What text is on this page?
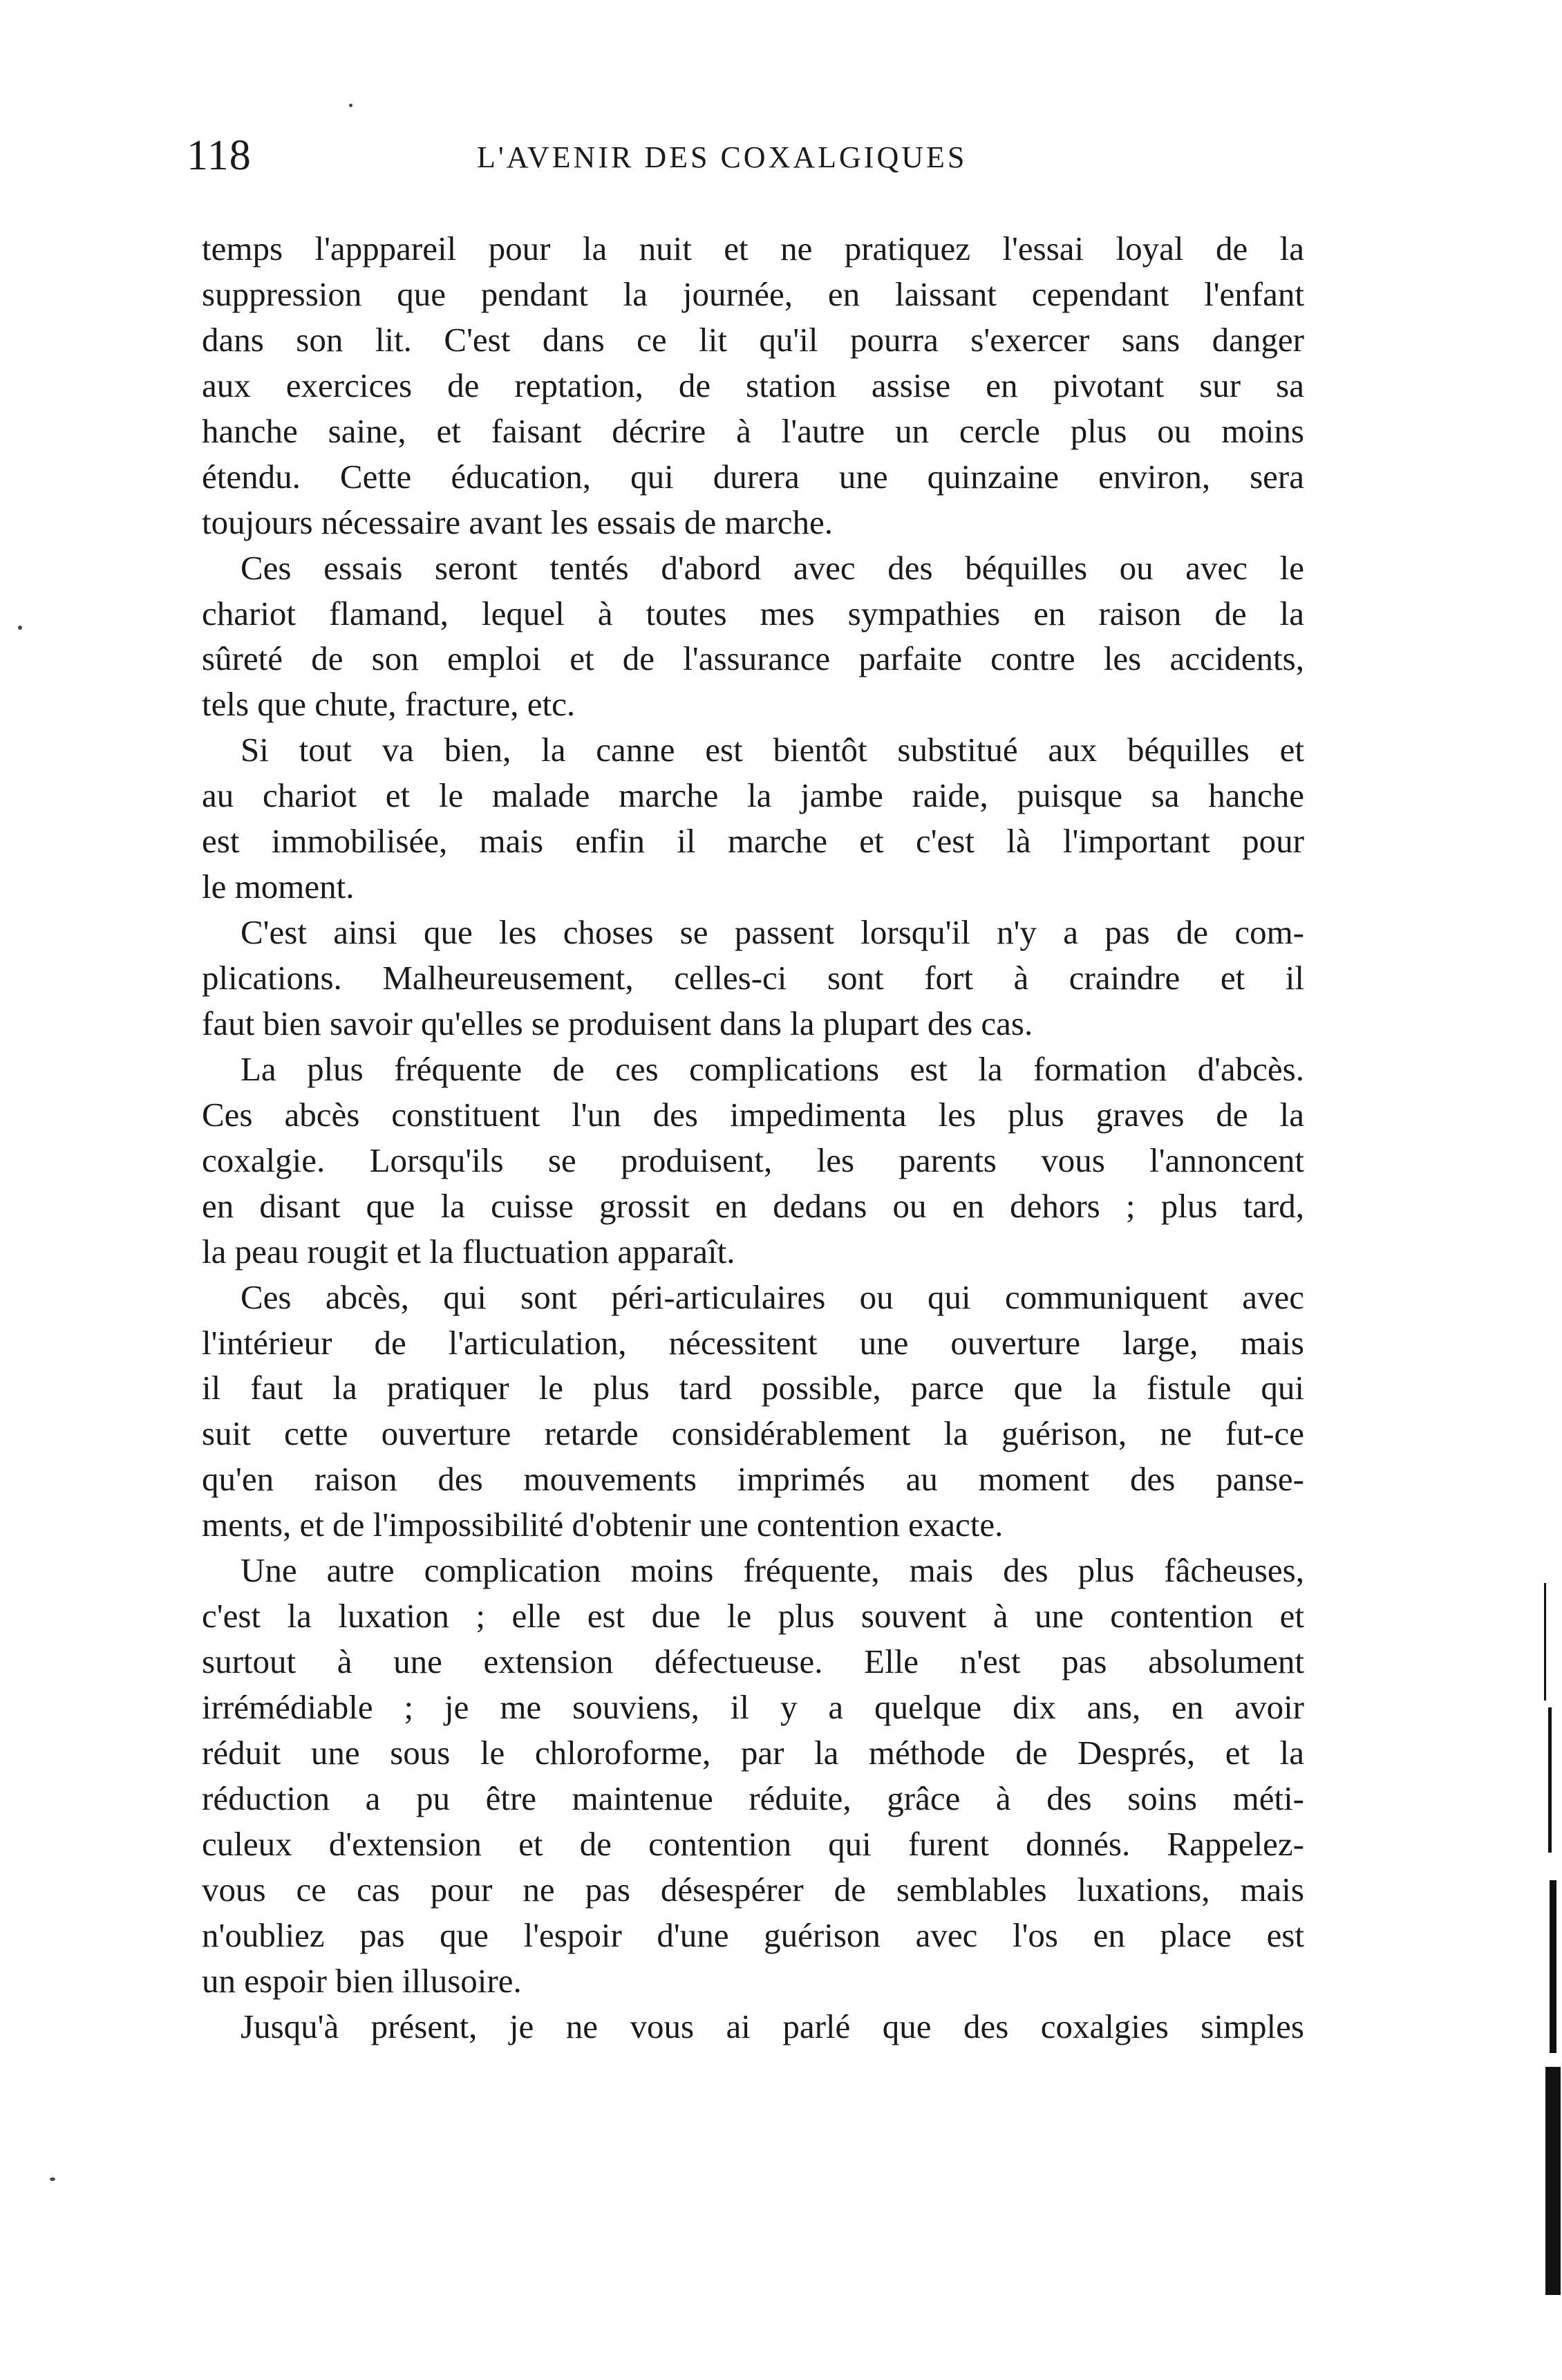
118	L'AVENIR DES COXALGIQUES
temps l'apppareil pour la nuit et ne pratiquez l'essai loyal de la
suppression que pendant la journée, en laissant cependant l'enfant
dans son lit. C'est dans ce lit qu'il pourra s'exercer sans danger
aux exercices de reptation, de station assise en pivotant sur sa
hanche saine, et faisant décrire à l'autre un cercle plus ou moins
étendu. Cette éducation, qui durera une quinzaine environ, sera
toujours nécessaire avant les essais de marche.
Ces essais seront tentés d'abord avec des béquilles ou avec le
chariot flamand, lequel à toutes mes sympathies en raison de la
sûreté de son emploi et de l'assurance parfaite contre les accidents,
tels que chute, fracture, etc.
Si tout va bien, la canne est bientôt substitué aux béquilles et
au chariot et le malade marche la jambe raide, puisque sa hanche
est immobilisée, mais enfin il marche et c'est là l'important pour
le moment.
C'est ainsi que les choses se passent lorsqu'il n'y a pas de com-
plications. Malheureusement, celles-ci sont fort à craindre et il
faut bien savoir qu'elles se produisent dans la plupart des cas.
La plus fréquente de ces complications est la formation d'abcès.
Ces abcès constituent l'un des impedimenta les plus graves de la
coxalgie. Lorsqu'ils se produisent, les parents vous l'annoncent
en disant que la cuisse grossit en dedans ou en dehors ; plus tard,
la peau rougit et la fluctuation apparaît.
Ces abcès, qui sont péri-articulaires ou qui communiquent avec
l'intérieur de l'articulation, nécessitent une ouverture large, mais
il faut la pratiquer le plus tard possible, parce que la fistule qui
suit cette ouverture retarde considérablement la guérison, ne fut-ce
qu'en raison des mouvements imprimés au moment des panse-
ments, et de l'impossibilité d'obtenir une contention exacte.
Une autre complication moins fréquente, mais des plus fâcheuses,
c'est la luxation ; elle est due le plus souvent à une contention et
surtout à une extension défectueuse. Elle n'est pas absolument
irrémédiable ; je me souviens, il y a quelque dix ans, en avoir
réduit une sous le chloroforme, par la méthode de Després, et la
réduction a pu être maintenue réduite, grâce à des soins méti-
culeux d'extension et de contention qui furent donnés. Rappelez-
vous ce cas pour ne pas désespérer de semblables luxations, mais
n'oubliez pas que l'espoir d'une guérison avec l'os en place est
un espoir bien illusoire.
Jusqu'à présent, je ne vous ai parlé que des coxalgies simples
